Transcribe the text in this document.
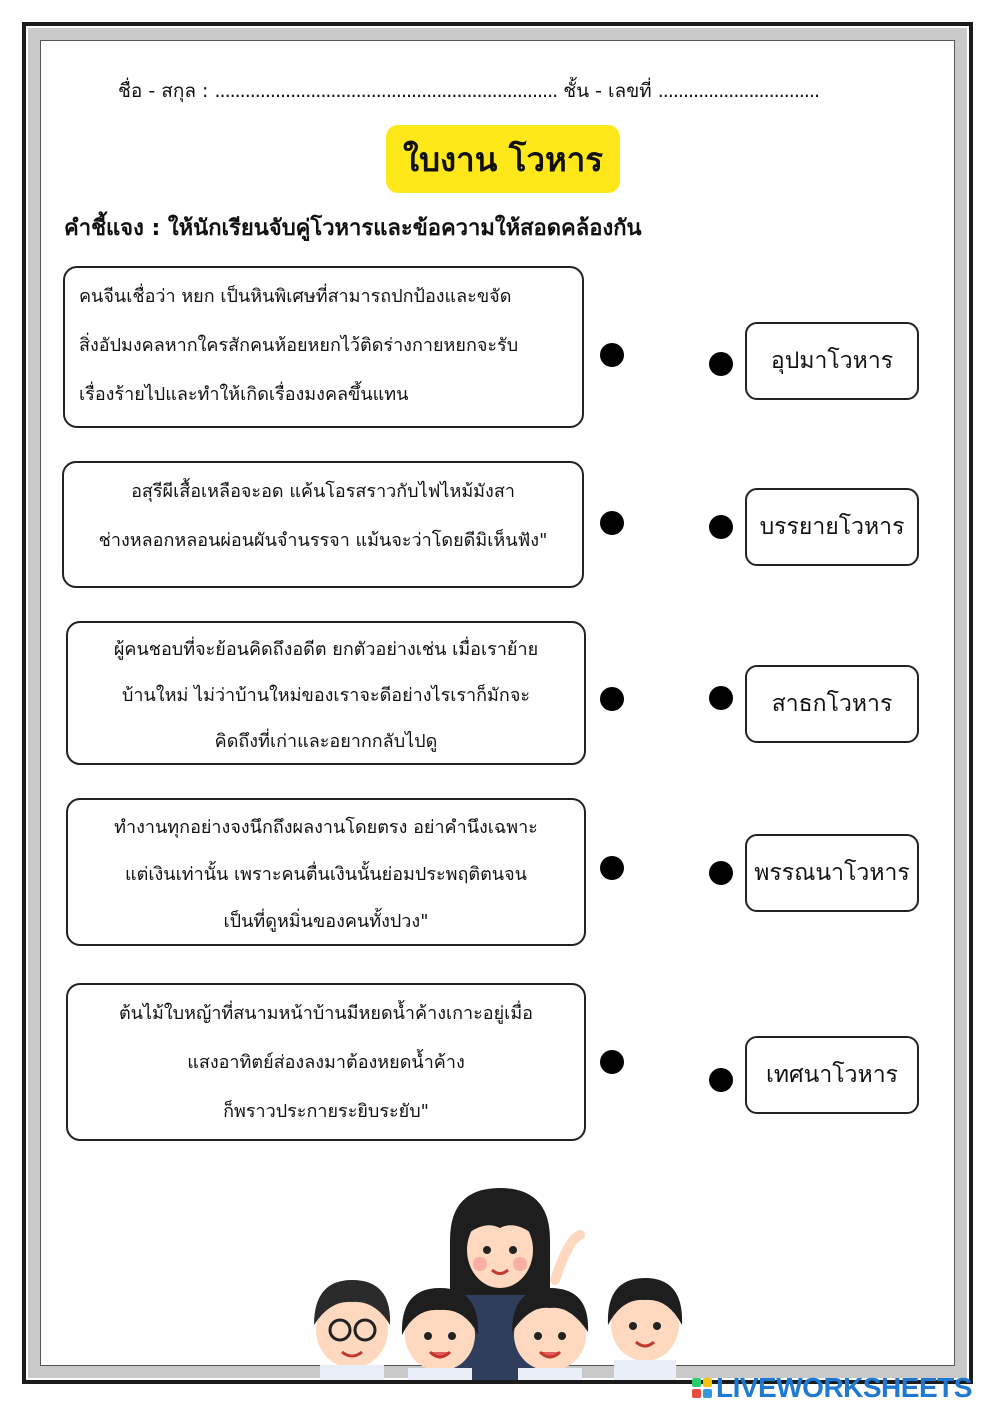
ชื่อ - สกุล : .................................................................... ชั้น - เลขที่ ................................
ใบงาน โวหาร
คำชี้แจง : ให้นักเรียนจับคู่โวหารและข้อความให้สอดคล้องกัน
คนจีนเชื่อว่า หยก เป็นหินพิเศษที่สามารถปกป้องและขจัด
สิ่งอัปมงคลหากใครสักคนห้อยหยกไว้ติดร่างกายหยกจะรับ
เรื่องร้ายไปและทำให้เกิดเรื่องมงคลขึ้นแทน
อสุรีผีเสื้อเหลือจะอด แค้นโอรสราวกับไฟไหม้มังสา
ช่างหลอกหลอนผ่อนผันจำนรรจา แม้นจะว่าโดยดีมิเห็นฟัง"
ผู้คนชอบที่จะย้อนคิดถึงอดีต ยกตัวอย่างเช่น เมื่อเราย้าย
บ้านใหม่ ไม่ว่าบ้านใหม่ของเราจะดีอย่างไรเราก็มักจะ
คิดถึงที่เก่าและอยากกลับไปดู
ทำงานทุกอย่างจงนึกถึงผลงานโดยตรง อย่าคำนึงเฉพาะ
แต่เงินเท่านั้น เพราะคนตื่นเงินนั้นย่อมประพฤติตนจน
เป็นที่ดูหมิ่นของคนทั้งปวง"
ต้นไม้ใบหญ้าที่สนามหน้าบ้านมีหยดน้ำค้างเกาะอยู่เมื่อ
แสงอาทิตย์ส่องลงมาต้องหยดน้ำค้าง
ก็พราวประกายระยิบระยับ"
อุปมาโวหาร
บรรยายโวหาร
สาธกโวหาร
พรรณนาโวหาร
เทศนาโวหาร
LIVEWORKSHEETS
